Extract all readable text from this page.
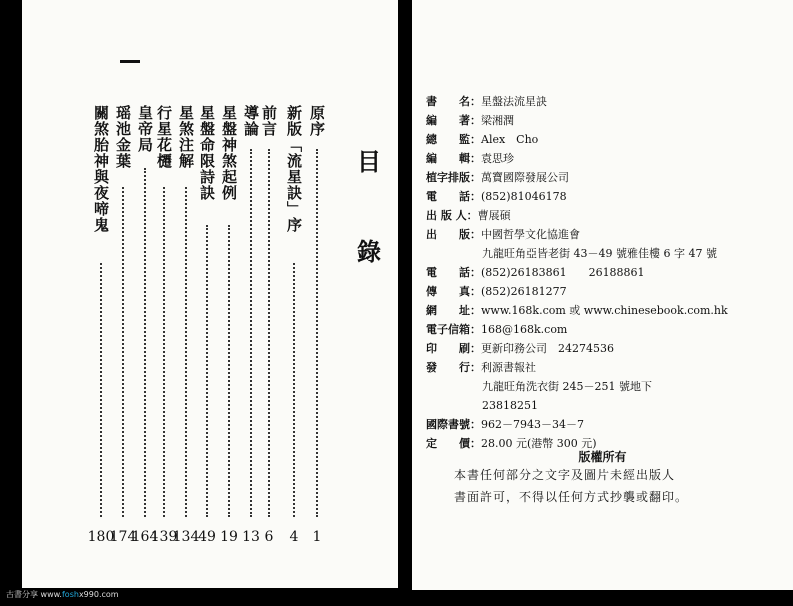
原序
1
新版「流星訣」序
4
前言
6
導論
13
星盤神煞起例
19
星盤命限詩訣
49
星煞注解
134
行星花櫏
139
皇帝局
164
瑶池金葉
174
關煞胎神與夜啼鬼
180
目
錄
書　　名：星盤法流星訣
編　　著：梁湘潤
總　　監：Alex　Cho
編　　輯：袁思珍
植字排版：萬寶國際發展公司
電　　話：(852)81046178
出 版 人：曹展碩
出　　版：中國哲學文化協進會
九龍旺角亞皆老街 43－49 號雅佳樓 6 字 47 號
電　　話：(852)26183861　　26188861
傳　　真：(852)26181277
網　　址：www.168k.com 或 www.chinesebook.com.hk
電子信箱：168@168k.com
印　　刷：更新印務公司　24274536
發　　行：利源書報社
九龍旺角洗衣街 245－251 號地下
23818251
國際書號：962－7943－34－7
定　　價：28.00 元(港幣 300 元)
版權所有
本書任何部分之文字及圖片未經出版人
書面許可，不得以任何方式抄襲或翻印。
古書分享 www.foshx990.com
